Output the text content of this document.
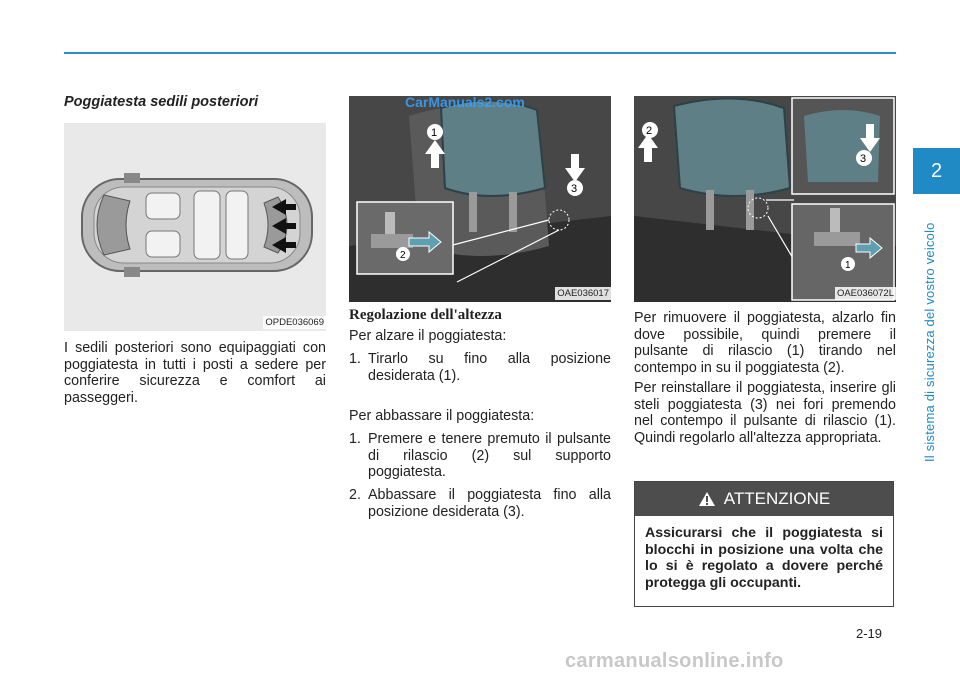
2
Il sistema di sicurezza del vostro veicolo
Poggiatesta sedili posteriori
OPDE036069
I sedili posteriori sono equipaggiati con poggiatesta in tutti i posti a sedere per conferire sicurezza e comfort ai passeggeri.
2
1
3
CarManuals2.com
OAE036017
Regolazione dell'altezza
Per alzare il poggiatesta:
1. Tirarlo su fino alla posizione desiderata (1).
Per abbassare il poggiatesta:
1. Premere e tenere premuto il pulsante di rilascio (2) sul supporto poggiatesta.
2. Abbassare il poggiatesta fino alla posizione desiderata (3).
2
3
1
OAE036072L
Per rimuovere il poggiatesta, alzarlo fin dove possibile, quindi premere il pulsante di rilascio (1) tirando nel contempo in su il poggiatesta (2).
Per reinstallare il poggiatesta, inserire gli steli poggiatesta (3) nei fori premendo nel contempo il pulsante di rilascio (1). Quindi regolarlo all'altezza appropriata.
ATTENZIONE
Assicurarsi che il poggiatesta si blocchi in posizione una volta che lo si è regolato a dovere perché protegga gli occupanti.
2-19
carmanualsonline.info
